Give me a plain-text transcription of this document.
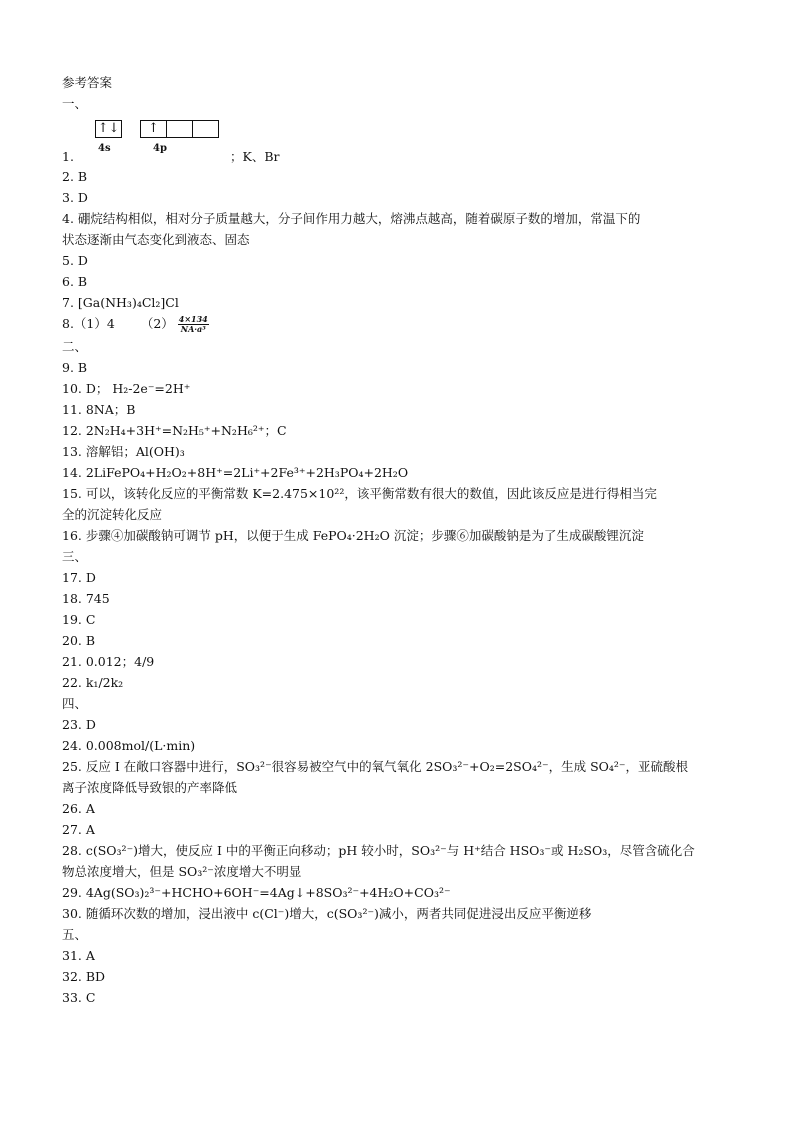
参考答案
一、
↑↓	↑
1.
4s	4p
；K、Br
2. B
3. D
4. 硼烷结构相似，相对分子质量越大，分子间作用力越大，熔沸点越高，随着碳原子数的增加，常温下的
状态逐渐由气态变化到液态、固态
5. D
6. B
7. [Ga(NH₃)₄Cl₂]Cl
8.（1）4 $(2) \frac{4\times 134}{\text{NA·a³}}$
二、
9. B
10. D； H₂-2e⁻=2H⁺
11. 8NA；B
12. 2N₂H₄+3H⁺=N₂H₅⁺+N₂H₆²⁺；C
13. 溶解铝；Al(OH)₃
14. 2LiFePO₄+H₂O₂+8H⁺=2Li⁺+2Fe³⁺+2H₃PO₄+2H₂O
15. 可以，该转化反应的平衡常数 K=2.475×10²²，该平衡常数有很大的数值，因此该反应是进行得相当完
全的沉淀转化反应
16. 步骤④加碳酸钠可调节 pH，以便于生成 FePO₄·2H₂O 沉淀；步骤⑥加碳酸钠是为了生成碳酸锂沉淀
三、
17. D
18. 745
19. C
20. B
21. 0.012；4/9
22. k₁/2k₂
四、
23. D
24. 0.008mol/(L·min)
25. 反应 I 在敞口容器中进行，SO₃²⁻很容易被空气中的氧气氧化 2SO₃²⁻+O₂=2SO₄²⁻，生成 SO₄²⁻，亚硫酸根
离子浓度降低导致银的产率降低
26. A
27. A
28. c(SO₃²⁻)增大，使反应 I 中的平衡正向移动；pH 较小时，SO₃²⁻与 H⁺结合 HSO₃⁻或 H₂SO₃，尽管含硫化合
物总浓度增大，但是 SO₃²⁻浓度增大不明显
29. 4Ag(SO₃)₂³⁻+HCHO+6OH⁻=4Ag↓+8SO₃²⁻+4H₂O+CO₃²⁻
30. 随循环次数的增加，浸出液中 c(Cl⁻)增大，c(SO₃²⁻)减小，两者共同促进浸出反应平衡逆移
五、
31. A
32. BD
33. C
